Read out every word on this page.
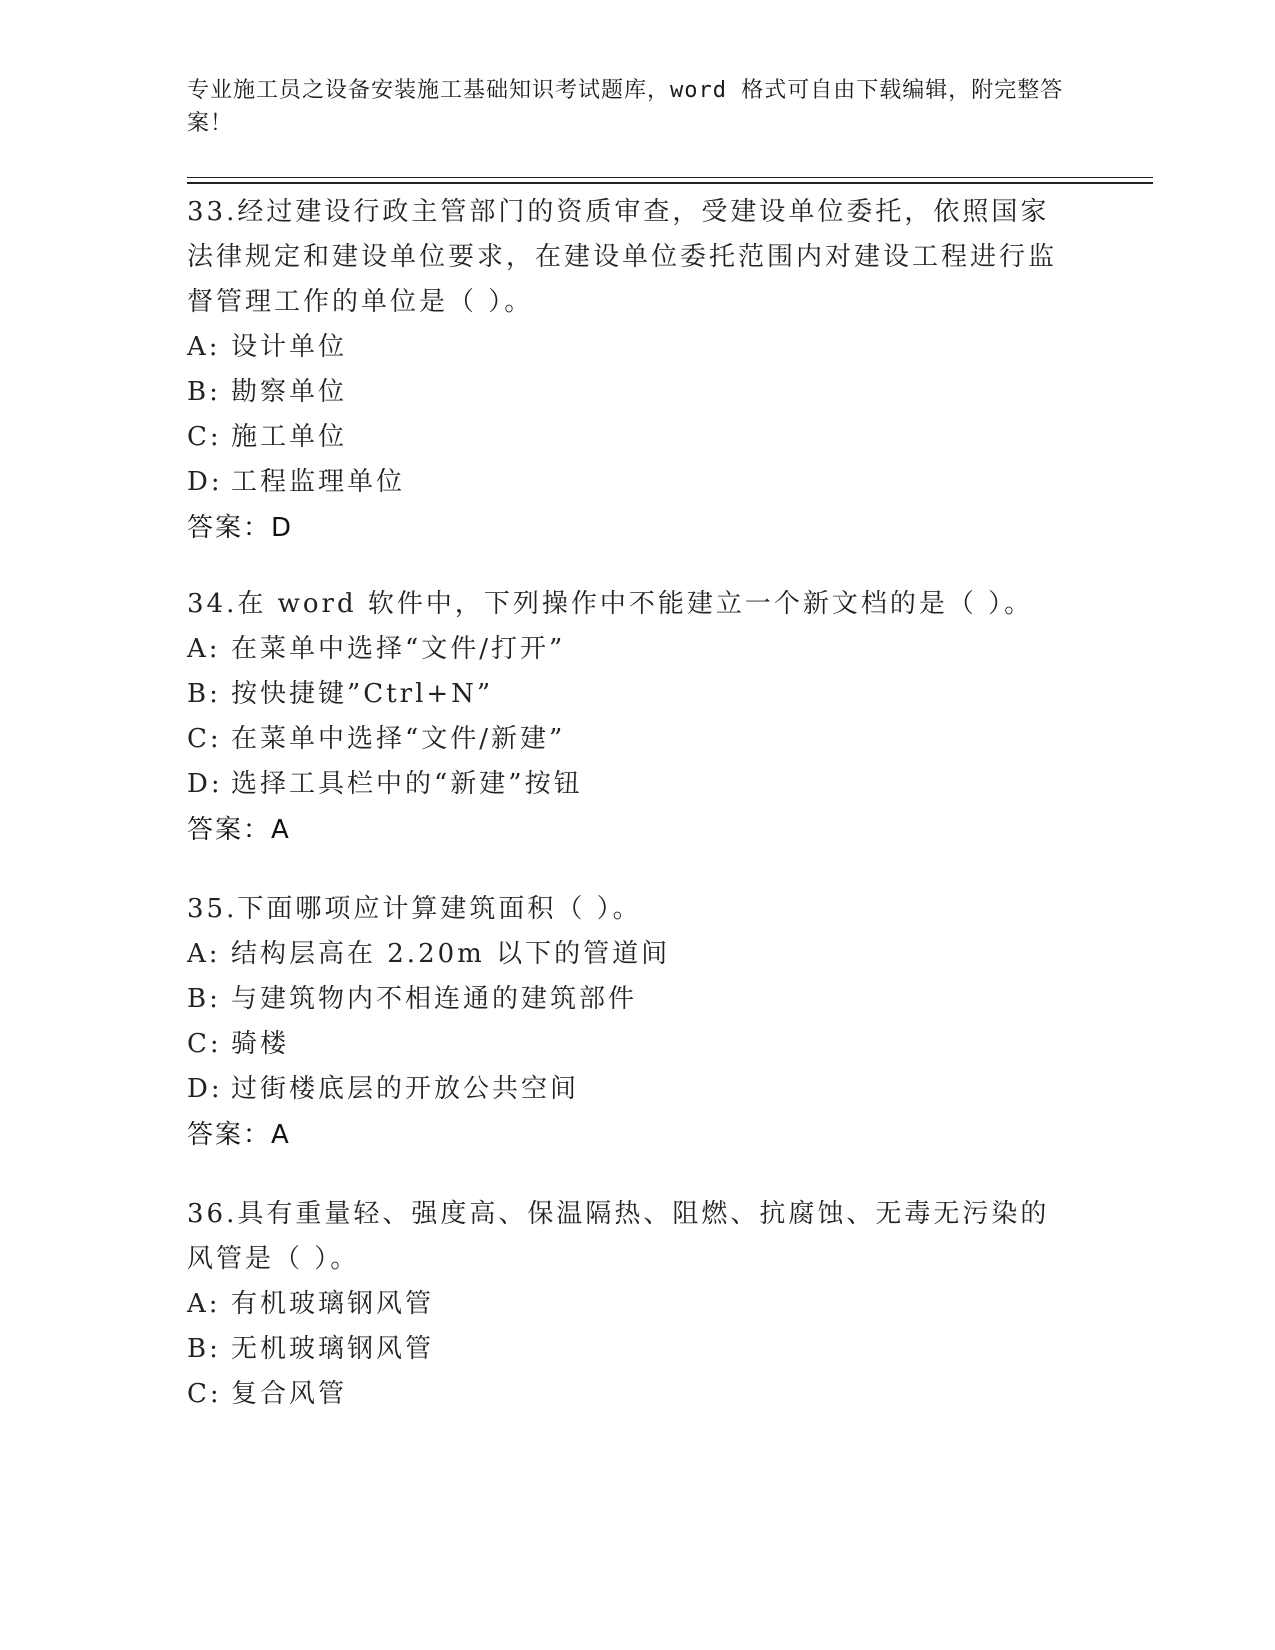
专业施工员之设备安装施工基础知识考试题库，word 格式可自由下载编辑，附完整答案！
33.经过建设行政主管部门的资质审查，受建设单位委托，依照国家法律规定和建设单位要求，在建设单位委托范围内对建设工程进行监督管理工作的单位是（ ）。
A: 设计单位
B: 勘察单位
C: 施工单位
D: 工程监理单位
答案：D
34.在 word 软件中，下列操作中不能建立一个新文档的是（ ）。
A: 在菜单中选择“文件/打开”
B: 按快捷键”Ctrl+N”
C: 在菜单中选择“文件/新建”
D: 选择工具栏中的“新建”按钮
答案：A
35.下面哪项应计算建筑面积（ ）。
A: 结构层高在 2.20m 以下的管道间
B: 与建筑物内不相连通的建筑部件
C: 骑楼
D: 过街楼底层的开放公共空间
答案：A
36.具有重量轻、强度高、保温隔热、阻燃、抗腐蚀、无毒无污染的风管是（ ）。
A: 有机玻璃钢风管
B: 无机玻璃钢风管
C: 复合风管
